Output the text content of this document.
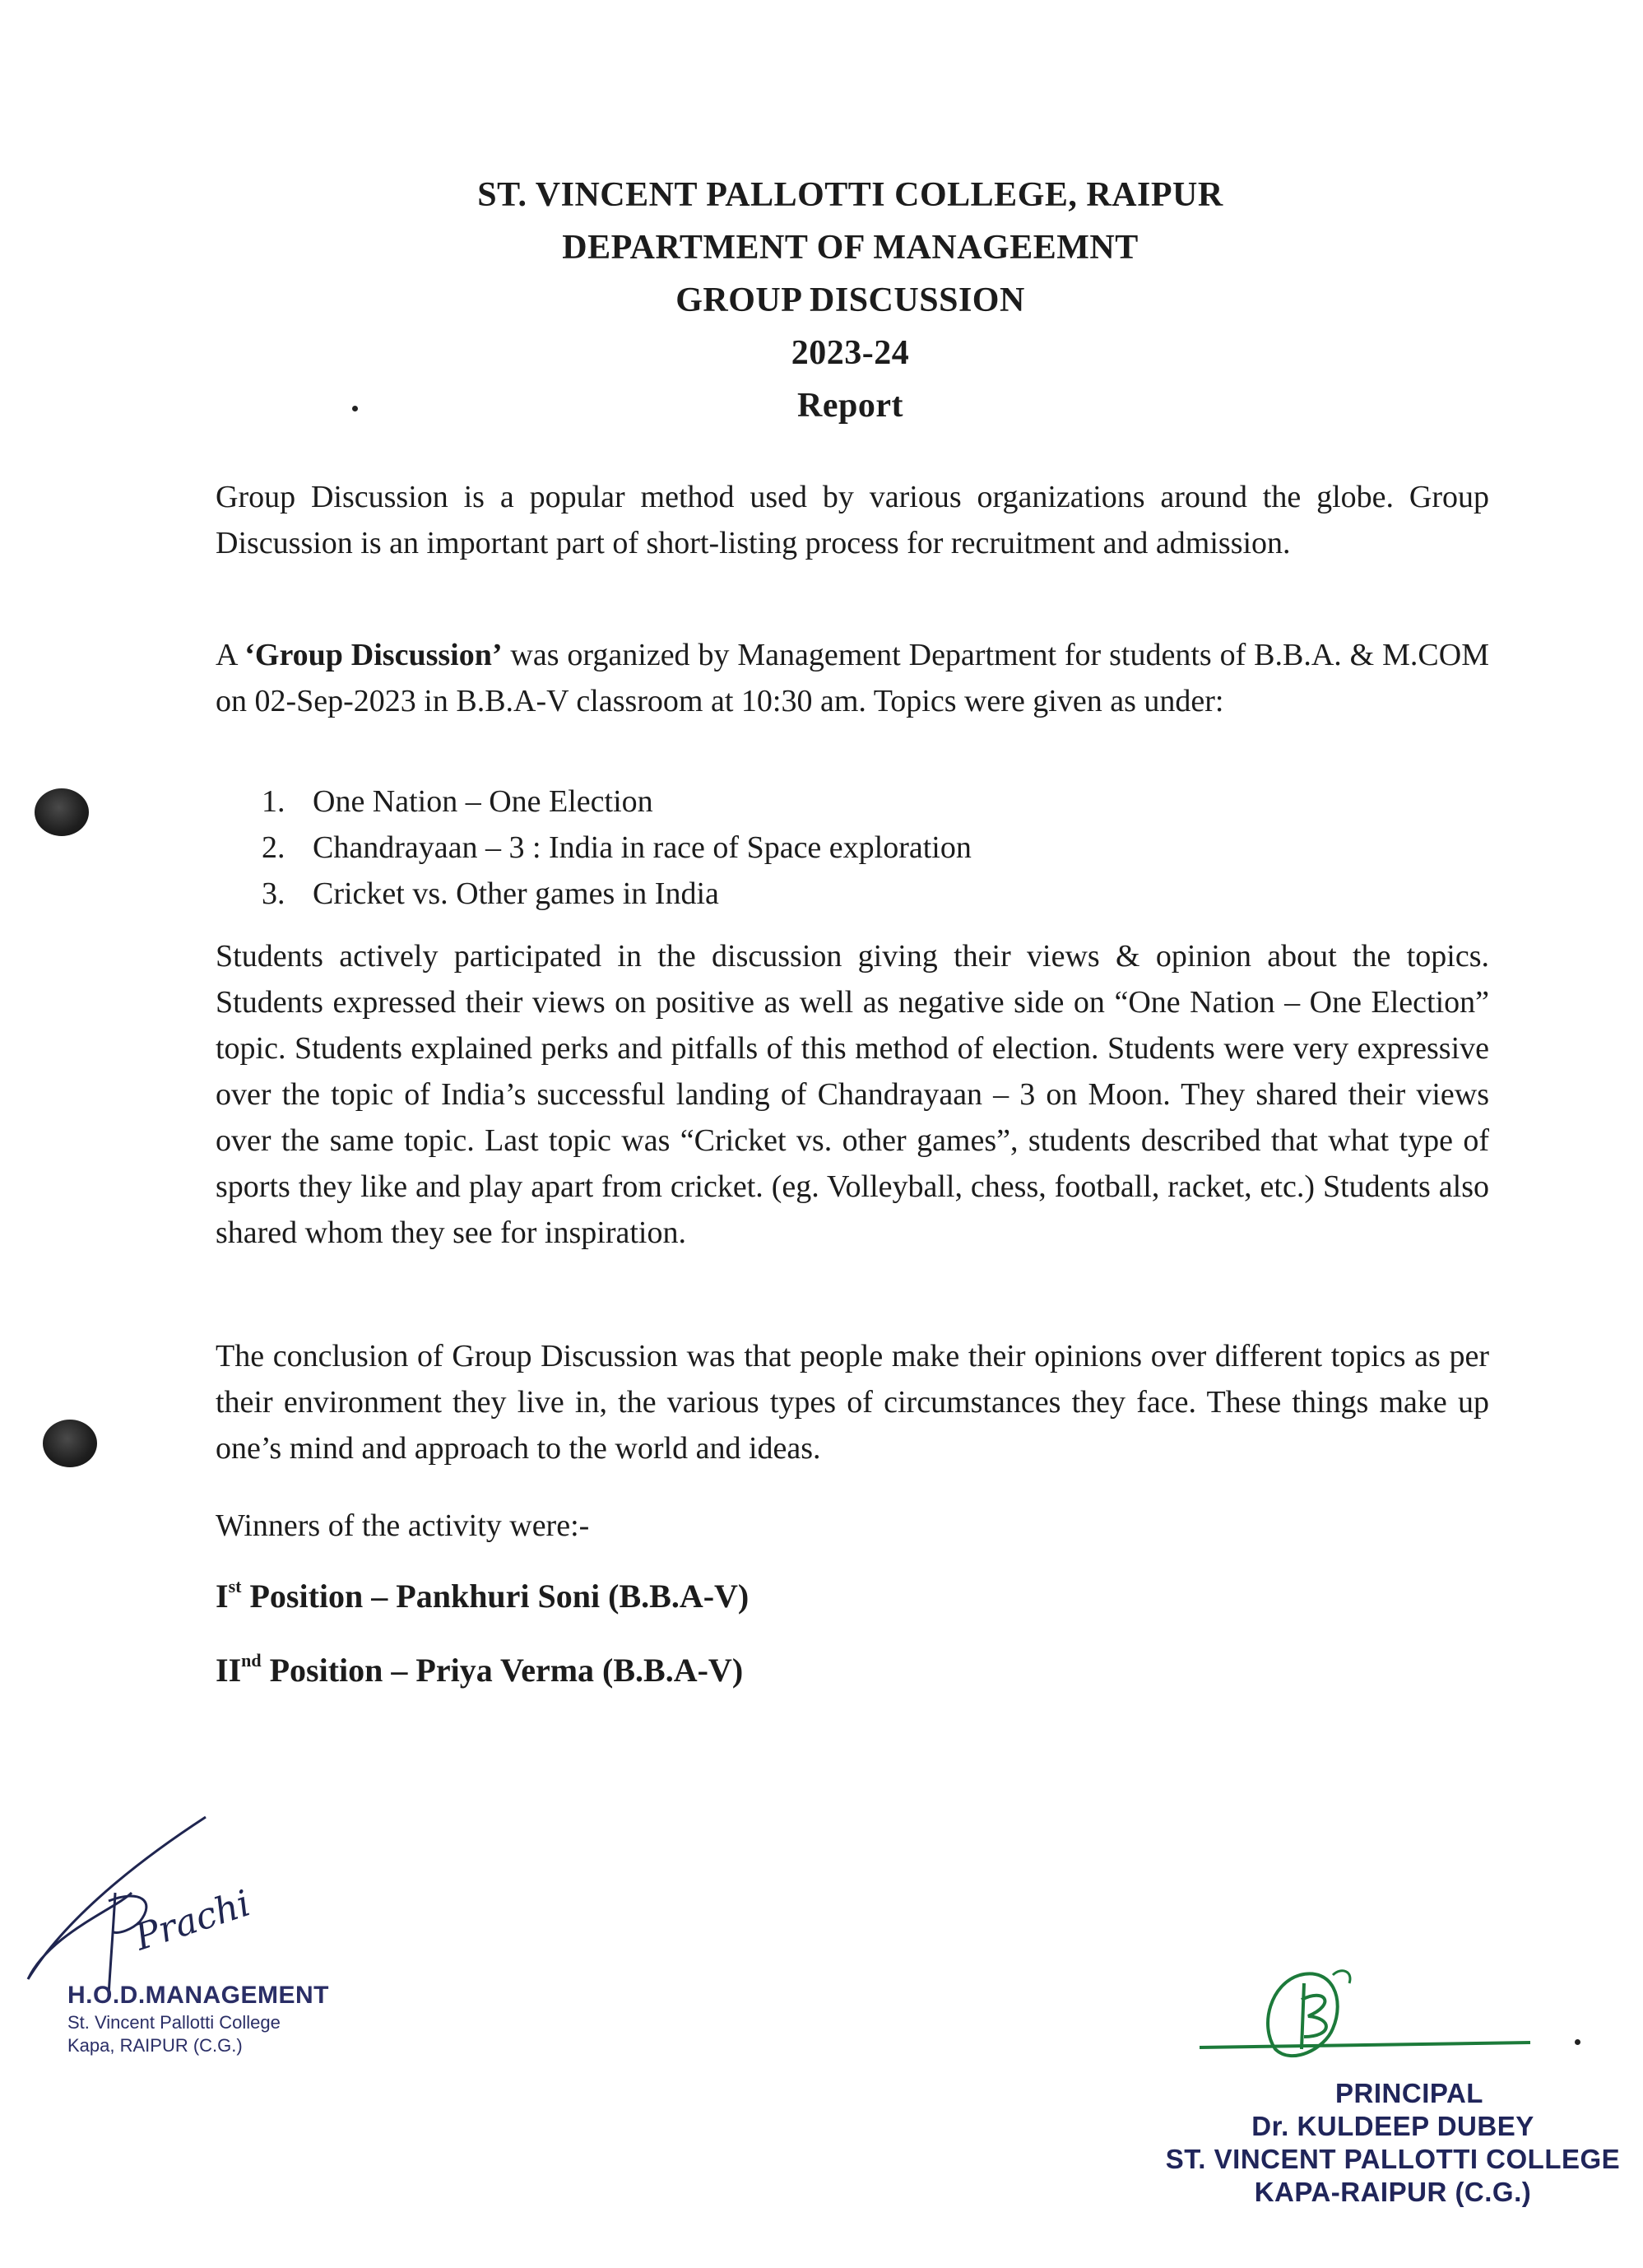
ST. VINCENT PALLOTTI COLLEGE, RAIPUR
DEPARTMENT OF MANAGEEMNT
GROUP DISCUSSION
2023-24
Report

Group Discussion is a popular method used by various organizations around the globe. Group Discussion is an important part of short-listing process for recruitment and admission.

A ‘Group Discussion’ was organized by Management Department for students of B.B.A. & M.COM on 02-Sep-2023 in B.B.A-V classroom at 10:30 am. Topics were given as under:

1. One Nation – One Election
2. Chandrayaan – 3 : India in race of Space exploration
3. Cricket vs. Other games in India

Students actively participated in the discussion giving their views & opinion about the topics. Students expressed their views on positive as well as negative side on “One Nation – One Election” topic. Students explained perks and pitfalls of this method of election. Students were very expressive over the topic of India’s successful landing of Chandrayaan – 3 on Moon. They shared their views over the same topic. Last topic was “Cricket vs. other games”, students described that what type of sports they like and play apart from cricket. (eg. Volleyball, chess, football, racket, etc.) Students also shared whom they see for inspiration.

The conclusion of Group Discussion was that people make their opinions over different topics as per their environment they live in, the various types of circumstances they face. These things make up one’s mind and approach to the world and ideas.

Winners of the activity were:-

Ist Position – Pankhuri Soni (B.B.A-V)
IInd Position – Priya Verma (B.B.A-V)
Prachi
H.O.D.MANAGEMENT
St. Vincent Pallotti College
Kapa, RAIPUR (C.G.)
PRINCIPAL
Dr. KULDEEP DUBEY
ST. VINCENT PALLOTTI COLLEGE
KAPA-RAIPUR (C.G.)
